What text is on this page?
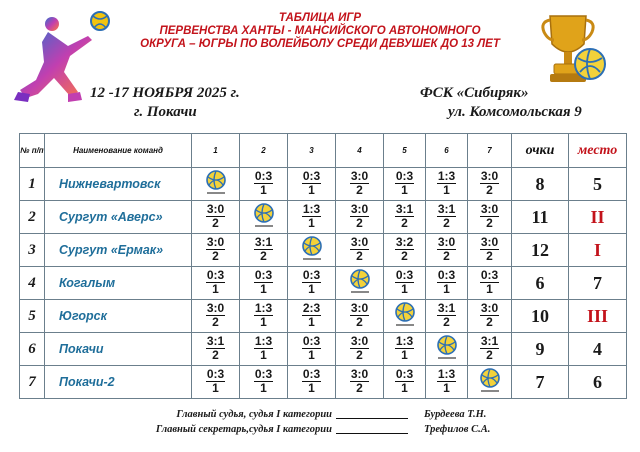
ТАБЛИЦА ИГР
ПЕРВЕНСТВА ХАНТЫ - МАНСИЙСКОГО АВТОНОМНОГО
ОКРУГА – ЮГРЫ ПО ВОЛЕЙБОЛУ СРЕДИ ДЕВУШЕК ДО 13 ЛЕТ
12 -17 НОЯБРЯ 2025 г.
г. Покачи
ФСК «Сибиряк»
ул. Комсомольская 9
№ п/п	Наименование команд	1	2	3	4	5	6	7	очки	место
1	Нижневартовск		$\frac{0:3}{1}$	$\frac{0:3}{1}$	$\frac{3:0}{2}$	$\frac{0:3}{1}$	$\frac{1:3}{1}$	$\frac{3:0}{2}$	8	5
2	Сургут «Аверс»	$\frac{3:0}{2}$		$\frac{1:3}{1}$	$\frac{3:0}{2}$	$\frac{3:1}{2}$	$\frac{3:1}{2}$	$\frac{3:0}{2}$	11	II
3	Сургут «Ермак»	$\frac{3:0}{2}$	$\frac{3:1}{2}$		$\frac{3:0}{2}$	$\frac{3:2}{2}$	$\frac{3:0}{2}$	$\frac{3:0}{2}$	12	I
4	Когалым	$\frac{0:3}{1}$	$\frac{0:3}{1}$	$\frac{0:3}{1}$		$\frac{0:3}{1}$	$\frac{0:3}{1}$	$\frac{0:3}{1}$	6	7
5	Югорск	$\frac{3:0}{2}$	$\frac{1:3}{1}$	$\frac{2:3}{1}$	$\frac{3:0}{2}$		$\frac{3:1}{2}$	$\frac{3:0}{2}$	10	III
6	Покачи	$\frac{3:1}{2}$	$\frac{1:3}{1}$	$\frac{0:3}{1}$	$\frac{3:0}{2}$	$\frac{1:3}{1}$		$\frac{3:1}{2}$	9	4
7	Покачи-2	$\frac{0:3}{1}$	$\frac{0:3}{1}$	$\frac{0:3}{1}$	$\frac{3:0}{2}$	$\frac{0:3}{1}$	$\frac{1:3}{1}$		7	6
Главный судья, судья I категории	Бурдеева Т.Н.
Главный секретарь,судья I категории	Трефилов С.А.
